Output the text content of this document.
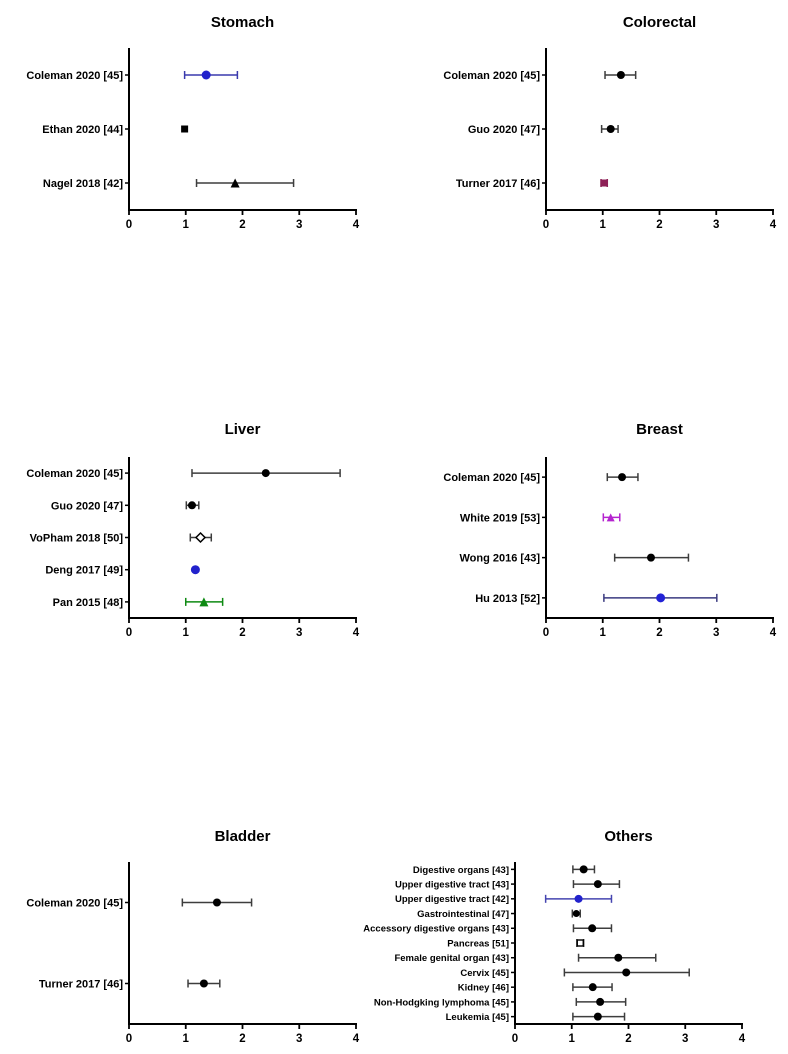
Stomach
0	1	2	3	4
Coleman 2020 [45]
Ethan 2020 [44]
Nagel 2018 [42]
Colorectal
0	1	2	3	4
Coleman 2020 [45]
Guo 2020 [47]
Turner 2017 [46]
Liver
0	1	2	3	4
Coleman 2020 [45]
Guo 2020 [47]
VoPham 2018 [50]
Deng 2017 [49]
Pan 2015 [48]
Breast
0	1	2	3	4
Coleman 2020 [45]
White 2019 [53]
Wong 2016 [43]
Hu 2013 [52]
Bladder
0	1	2	3	4
Coleman 2020 [45]
Turner 2017 [46]
Others
0	1	2	3	4
Digestive organs [43]
Upper digestive tract [43]
Upper digestive tract [42]
Gastrointestinal [47]
Accessory digestive organs [43]
Pancreas [51]
Female genital organ [43]
Cervix [45]
Kidney [46]
Non-Hodgking lymphoma [45]
Leukemia [45]
